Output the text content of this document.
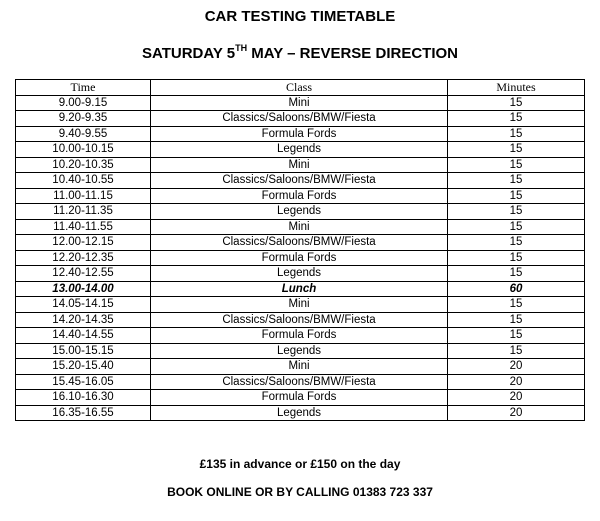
CAR TESTING TIMETABLE
SATURDAY 5TH MAY – REVERSE DIRECTION
Time	Class	Minutes
9.00-9.15	Mini	15
9.20-9.35	Classics/Saloons/BMW/Fiesta	15
9.40-9.55	Formula Fords	15
10.00-10.15	Legends	15
10.20-10.35	Mini	15
10.40-10.55	Classics/Saloons/BMW/Fiesta	15
11.00-11.15	Formula Fords	15
11.20-11.35	Legends	15
11.40-11.55	Mini	15
12.00-12.15	Classics/Saloons/BMW/Fiesta	15
12.20-12.35	Formula Fords	15
12.40-12.55	Legends	15
13.00-14.00	Lunch	60
14.05-14.15	Mini	15
14.20-14.35	Classics/Saloons/BMW/Fiesta	15
14.40-14.55	Formula Fords	15
15.00-15.15	Legends	15
15.20-15.40	Mini	20
15.45-16.05	Classics/Saloons/BMW/Fiesta	20
16.10-16.30	Formula Fords	20
16.35-16.55	Legends	20
£135 in advance or £150 on the day
BOOK ONLINE OR BY CALLING 01383 723 337
